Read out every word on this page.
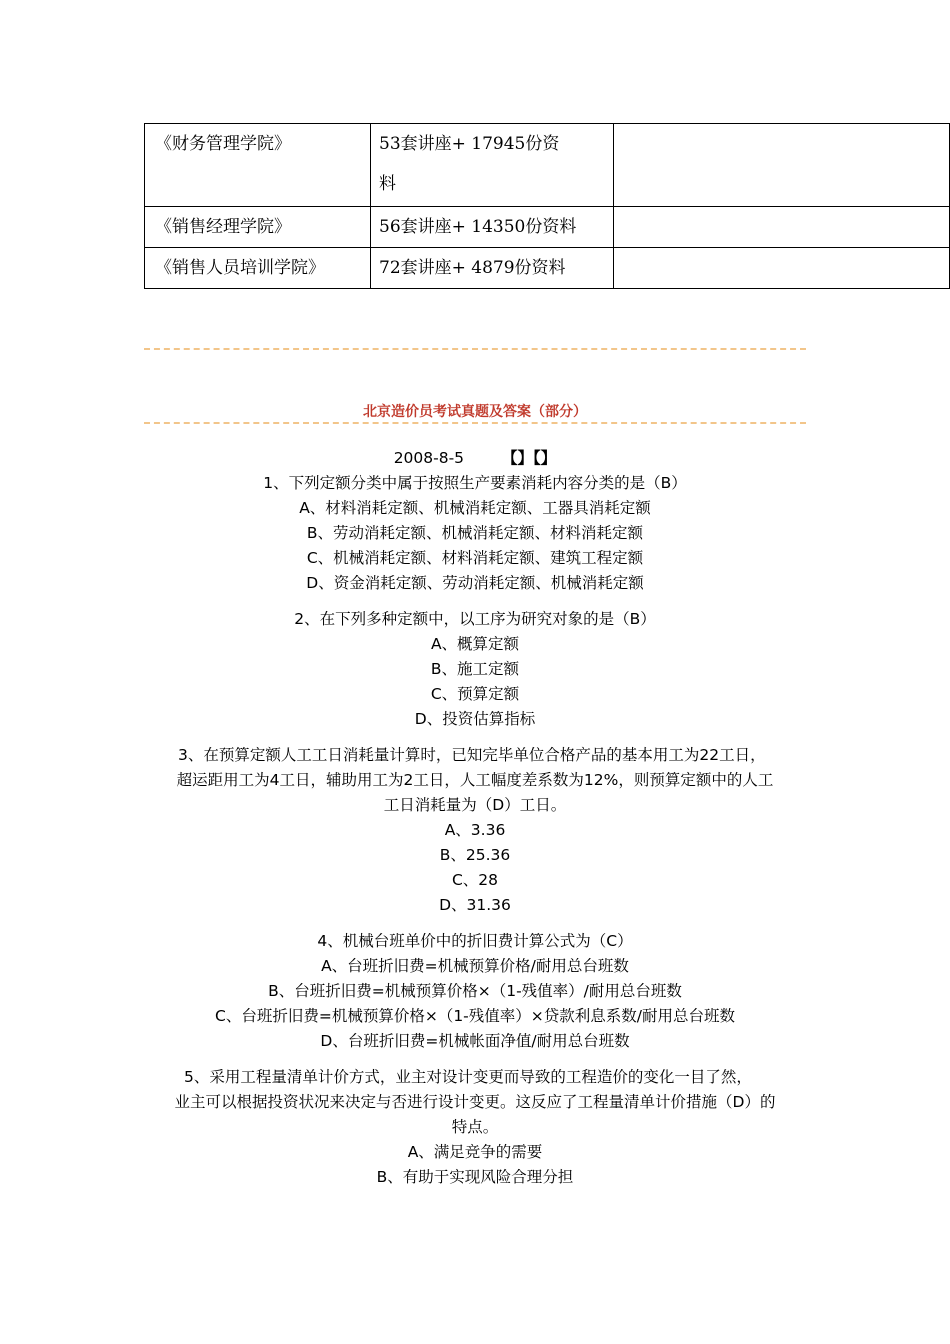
《财务管理学院》	53套讲座+ 17945份资
料	
《销售经理学院》	56套讲座+ 14350份资料	
《销售人员培训学院》	72套讲座+ 4879份资料	
北京造价员考试真题及答案（部分）
2008-8-5 【】【】
1、下列定额分类中属于按照生产要素消耗内容分类的是（B）
A、材料消耗定额、机械消耗定额、工器具消耗定额
B、劳动消耗定额、机械消耗定额、材料消耗定额
C、机械消耗定额、材料消耗定额、建筑工程定额
D、资金消耗定额、劳动消耗定额、机械消耗定额
2、在下列多种定额中，以工序为研究对象的是（B）
A、概算定额
B、施工定额
C、预算定额
D、投资估算指标
3、在预算定额人工工日消耗量计算时，已知完毕单位合格产品的基本用工为22工日，
超运距用工为4工日，辅助用工为2工日，人工幅度差系数为12%，则预算定额中的人工
工日消耗量为（D）工日。
A、3.36
B、25.36
C、28
D、31.36
4、机械台班单价中的折旧费计算公式为（C）
A、台班折旧费=机械预算价格/耐用总台班数
B、台班折旧费=机械预算价格×（1-残值率）/耐用总台班数
C、台班折旧费=机械预算价格×（1-残值率）×贷款利息系数/耐用总台班数
D、台班折旧费=机械帐面净值/耐用总台班数
5、采用工程量清单计价方式，业主对设计变更而导致的工程造价的变化一目了然，
业主可以根据投资状况来决定与否进行设计变更。这反应了工程量清单计价措施（D）的
特点。
A、满足竞争的需要
B、有助于实现风险合理分担
